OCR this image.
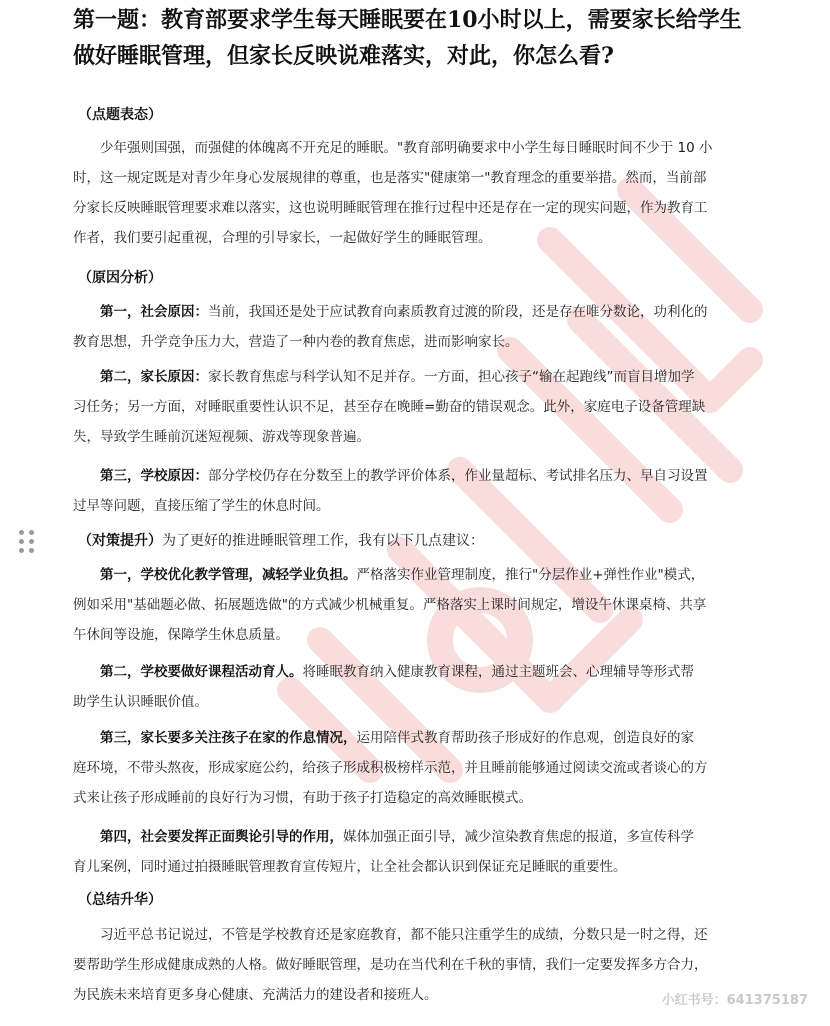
第一题：教育部要求学生每天睡眠要在10小时以上，需要家长给学生
做好睡眠管理，但家长反映说难落实，对此，你怎么看?
（点题表态）
少年强则国强，而强健的体魄离不开充足的睡眠。"教育部明确要求中小学生每日睡眠时间不少于 10 小
时，这一规定既是对青少年身心发展规律的尊重，也是落实"健康第一"教育理念的重要举措。然而，当前部
分家长反映睡眠管理要求难以落实，这也说明睡眠管理在推行过程中还是存在一定的现实问题，作为教育工
作者，我们要引起重视，合理的引导家长，一起做好学生的睡眠管理。
（原因分析）
第一，社会原因：当前，我国还是处于应试教育向素质教育过渡的阶段，还是存在唯分数论，功利化的
教育思想，升学竞争压力大，营造了一种内卷的教育焦虑，进而影响家长。
第二，家长原因：家长教育焦虑与科学认知不足并存。一方面，担心孩子“输在起跑线”而盲目增加学
习任务；另一方面，对睡眠重要性认识不足，甚至存在晚睡=勤奋的错误观念。此外，家庭电子设备管理缺
失，导致学生睡前沉迷短视频、游戏等现象普遍。
第三，学校原因：部分学校仍存在分数至上的教学评价体系，作业量超标、考试排名压力、早自习设置
过早等问题，直接压缩了学生的休息时间。
（对策提升）为了更好的推进睡眠管理工作，我有以下几点建议：
第一，学校优化教学管理，减轻学业负担。严格落实作业管理制度，推行"分层作业+弹性作业"模式，
例如采用"基础题必做、拓展题选做"的方式减少机械重复。严格落实上课时间规定，增设午休课桌椅、共享
午休间等设施，保障学生休息质量。
第二，学校要做好课程活动育人。将睡眠教育纳入健康教育课程，通过主题班会、心理辅导等形式帮
助学生认识睡眠价值。
第三，家长要多关注孩子在家的作息情况，运用陪伴式教育帮助孩子形成好的作息观，创造良好的家
庭环境，不带头熬夜，形成家庭公约，给孩子形成积极榜样示范，并且睡前能够通过阅读交流或者谈心的方
式来让孩子形成睡前的良好行为习惯，有助于孩子打造稳定的高效睡眠模式。
第四，社会要发挥正面舆论引导的作用，媒体加强正面引导，减少渲染教育焦虑的报道，多宣传科学
育儿案例，同时通过拍摄睡眠管理教育宣传短片，让全社会都认识到保证充足睡眠的重要性。
（总结升华）
习近平总书记说过，不管是学校教育还是家庭教育，都不能只注重学生的成绩，分数只是一时之得，还
要帮助学生形成健康成熟的人格。做好睡眠管理，是功在当代利在千秋的事情，我们一定要发挥多方合力，
为民族未来培育更多身心健康、充满活力的建设者和接班人。	小红书号：641375187
